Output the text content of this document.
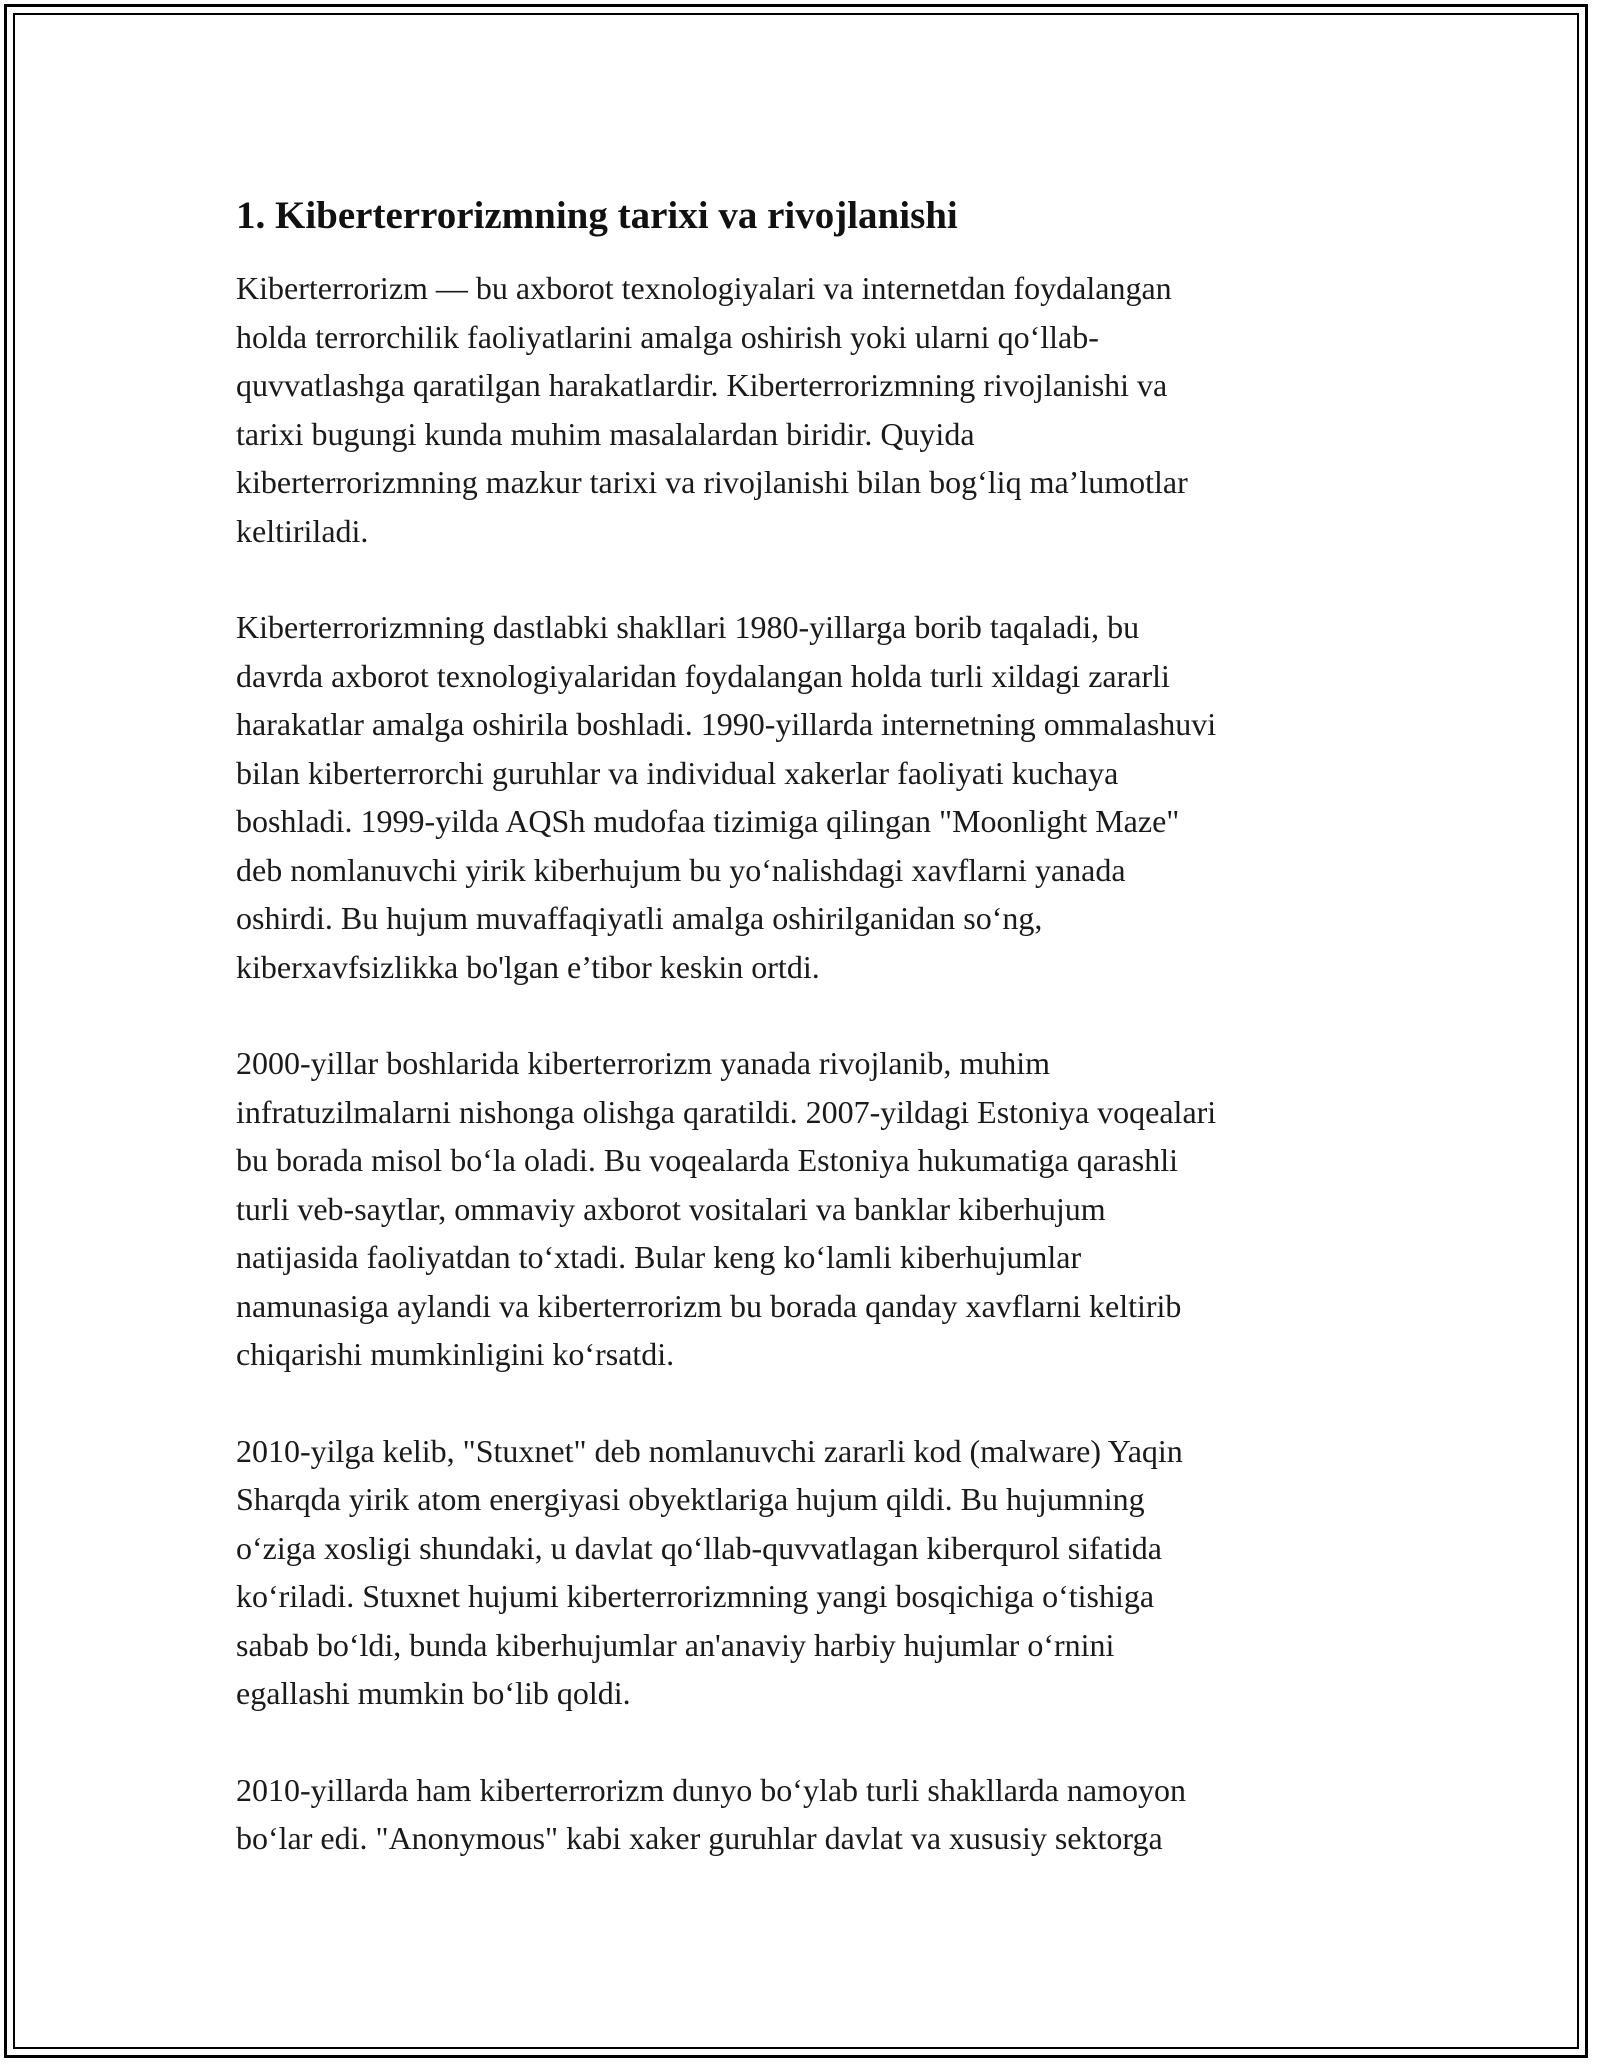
1. Kiberterrorizmning tarixi va rivojlanishi

Kiberterrorizm — bu axborot texnologiyalari va internetdan foydalangan
holda terrorchilik faoliyatlarini amalga oshirish yoki ularni qo‘llab-
quvvatlashga qaratilgan harakatlardir. Kiberterrorizmning rivojlanishi va
tarixi bugungi kunda muhim masalalardan biridir. Quyida
kiberterrorizmning mazkur tarixi va rivojlanishi bilan bog‘liq ma’lumotlar
keltiriladi.

Kiberterrorizmning dastlabki shakllari 1980-yillarga borib taqaladi, bu
davrda axborot texnologiyalaridan foydalangan holda turli xildagi zararli
harakatlar amalga oshirila boshladi. 1990-yillarda internetning ommalashuvi
bilan kiberterrorchi guruhlar va individual xakerlar faoliyati kuchaya
boshladi. 1999-yilda AQSh mudofaa tizimiga qilingan "Moonlight Maze"
deb nomlanuvchi yirik kiberhujum bu yo‘nalishdagi xavflarni yanada
oshirdi. Bu hujum muvaffaqiyatli amalga oshirilganidan so‘ng,
kiberxavfsizlikka bo'lgan e’tibor keskin ortdi.

2000-yillar boshlarida kiberterrorizm yanada rivojlanib, muhim
infratuzilmalarni nishonga olishga qaratildi. 2007-yildagi Estoniya voqealari
bu borada misol bo‘la oladi. Bu voqealarda Estoniya hukumatiga qarashli
turli veb-saytlar, ommaviy axborot vositalari va banklar kiberhujum
natijasida faoliyatdan to‘xtadi. Bular keng ko‘lamli kiberhujumlar
namunasiga aylandi va kiberterrorizm bu borada qanday xavflarni keltirib
chiqarishi mumkinligini ko‘rsatdi.

2010-yilga kelib, "Stuxnet" deb nomlanuvchi zararli kod (malware) Yaqin
Sharqda yirik atom energiyasi obyektlariga hujum qildi. Bu hujumning
o‘ziga xosligi shundaki, u davlat qo‘llab-quvvatlagan kiberqurol sifatida
ko‘riladi. Stuxnet hujumi kiberterrorizmning yangi bosqichiga o‘tishiga
sabab bo‘ldi, bunda kiberhujumlar an'anaviy harbiy hujumlar o‘rnini
egallashi mumkin bo‘lib qoldi.

2010-yillarda ham kiberterrorizm dunyo bo‘ylab turli shakllarda namoyon
bo‘lar edi. "Anonymous" kabi xaker guruhlar davlat va xususiy sektorga
